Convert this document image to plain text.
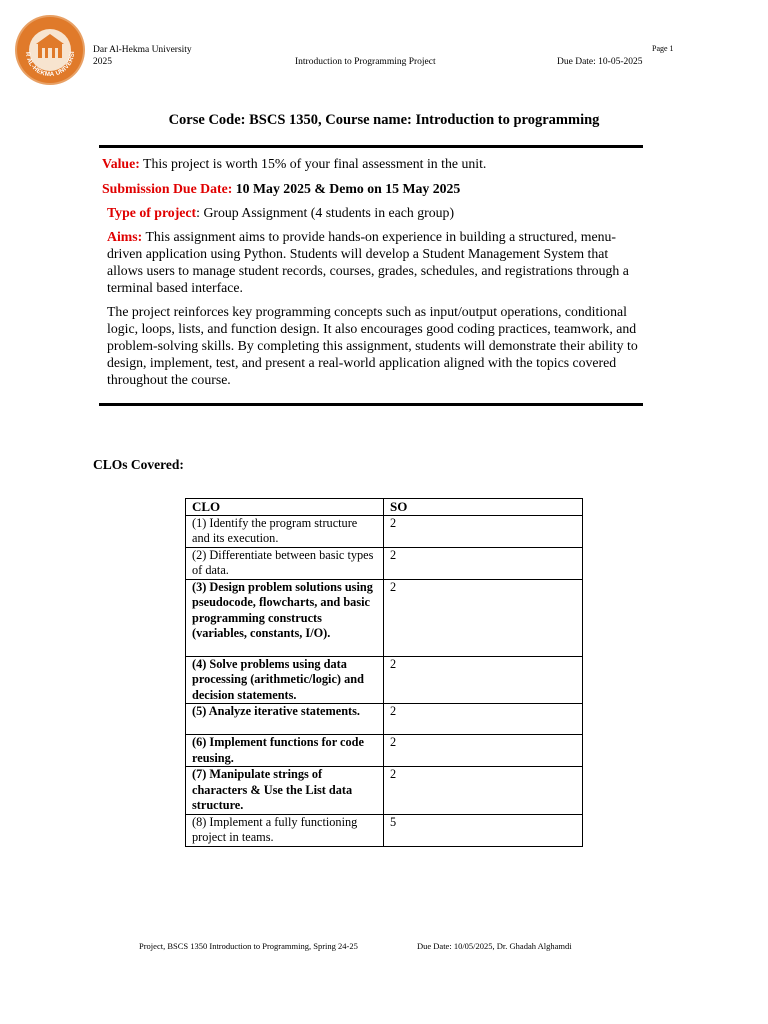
R AL-HEKMA UNIVERSI Dar Al-Hekma University
2025	Introduction to Programming Project
Page 1
Due Date: 10-05-2025
Corse Code: BSCS 1350, Course name: Introduction to programming
Value: This project is worth 15% of your final assessment in the unit.
Submission Due Date: 10 May 2025 & Demo on 15 May 2025
Type of project: Group Assignment (4 students in each group)
Aims: This assignment aims to provide hands-on experience in building a structured, menu-driven application using Python. Students will develop a Student Management System that allows users to manage student records, courses, grades, schedules, and registrations through a terminal based interface.
The project reinforces key programming concepts such as input/output operations, conditional logic, loops, lists, and function design. It also encourages good coding practices, teamwork, and problem-solving skills. By completing this assignment, students will demonstrate their ability to design, implement, test, and present a real-world application aligned with the topics covered throughout the course.
CLOs Covered:
CLO	SO
(1) Identify the program structure and its execution.	2
(2) Differentiate between basic types of data.	2
(3) Design problem solutions using pseudocode, flowcharts, and basic programming constructs (variables, constants, I/O).	2
(4) Solve problems using data processing (arithmetic/logic) and decision statements.	2
(5) Analyze iterative statements.	2
(6) Implement functions for code reusing.	2
(7) Manipulate strings of characters & Use the List data structure.	2
(8) Implement a fully functioning project in teams.	5
Project, BSCS 1350 Introduction to Programming, Spring 24-25	Due Date: 10/05/2025, Dr. Ghadah Alghamdi
